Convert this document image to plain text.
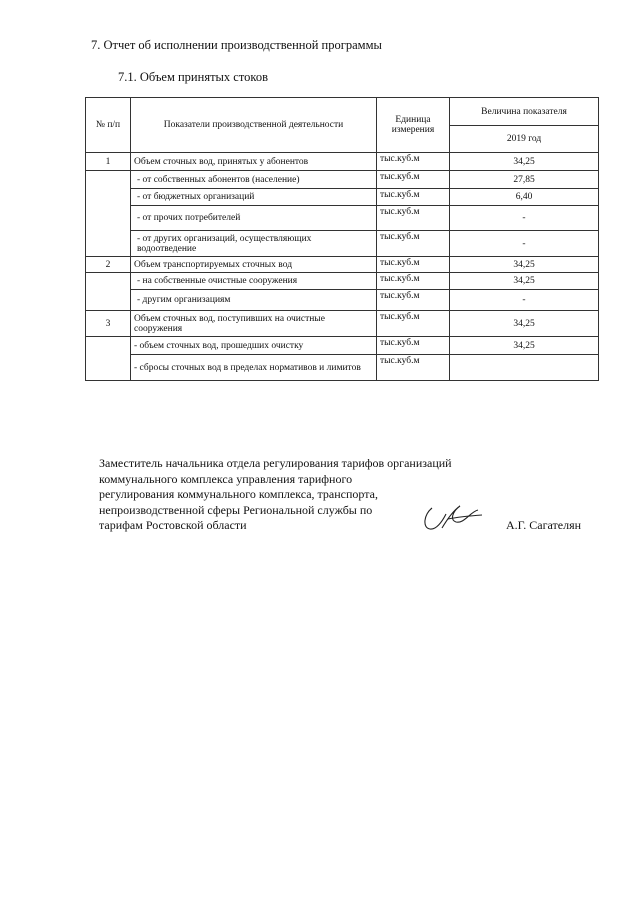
7. Отчет об исполнении производственной программы
7.1. Объем принятых стоков
№ п/п	Показатели производственной деятельности	Единица измерения	Величина показателя
			2019 год
1	Объем сточных вод, принятых у абонентов	тыс.куб.м	34,25
	- от собственных абонентов (население)	тыс.куб.м	27,85
	- от бюджетных организаций	тыс.куб.м	6,40
	- от прочих потребителей	тыс.куб.м	-
	- от других организаций, осуществляющих водоотведение	тыс.куб.м	-
2	Объем транспортируемых сточных вод	тыс.куб.м	34,25
	- на собственные очистные сооружения	тыс.куб.м	34,25
	- другим организациям	тыс.куб.м	-
3	Объем сточных вод, поступивших на очистные сооружения	тыс.куб.м	34,25
	- объем сточных вод, прошедших очистку	тыс.куб.м	34,25
	- сбросы сточных вод в пределах нормативов и лимитов	тыс.куб.м	
Заместитель начальника отдела регулирования тарифов организаций
коммунального комплекса управления тарифного
регулирования коммунального комплекса, транспорта,
непроизводственной сферы Региональной службы по
тарифам Ростовской области	А.Г. Сагателян
